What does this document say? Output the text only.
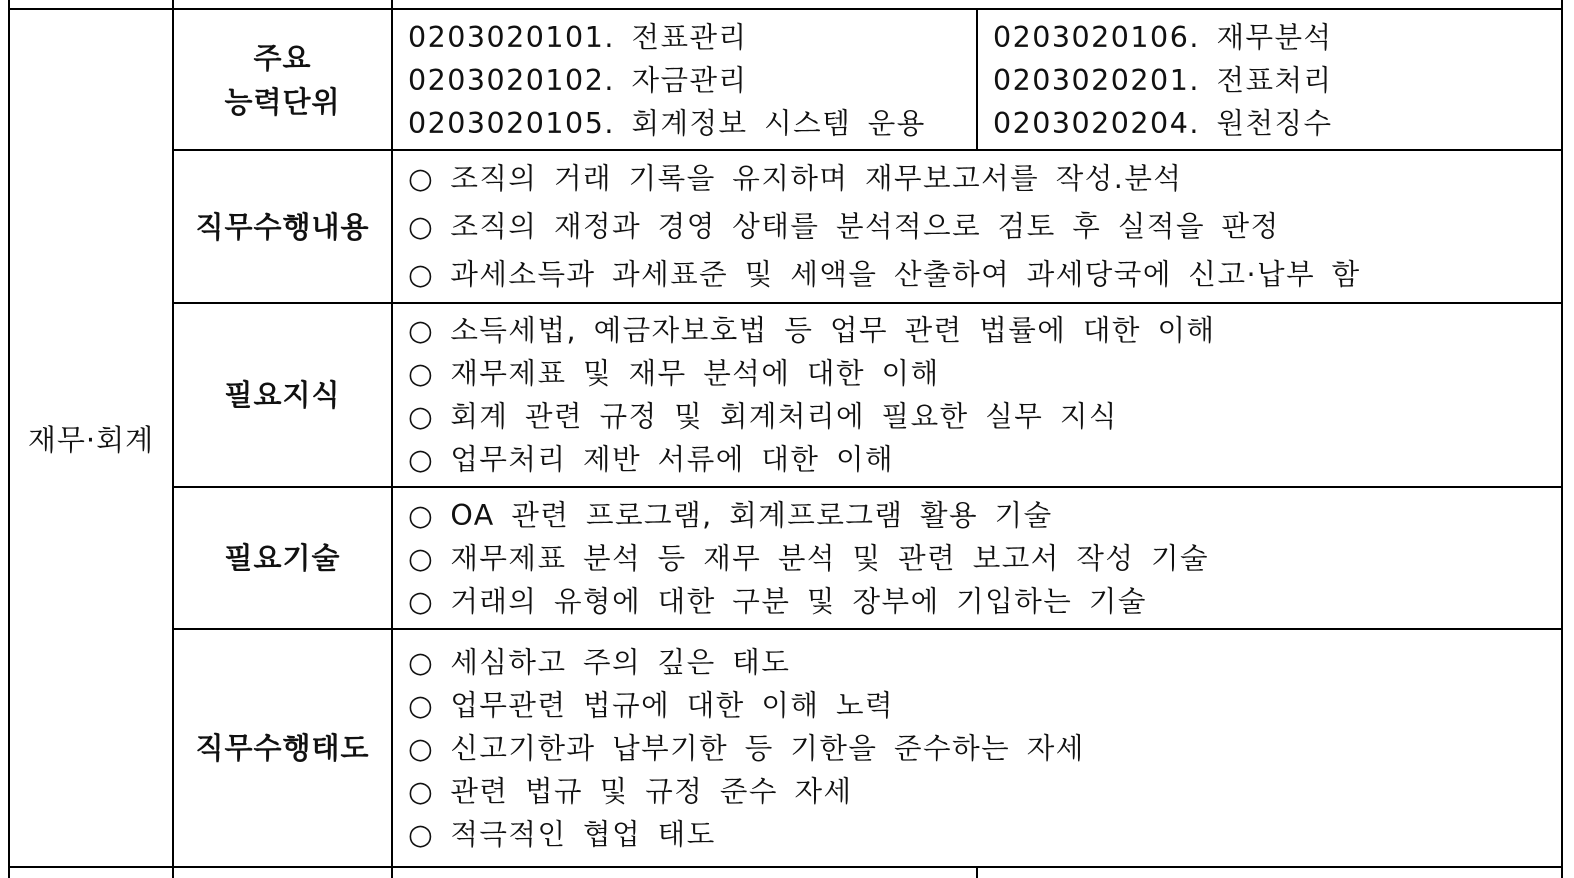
재무·회계
주요
능력단위
0203020101. 전표관리
0203020102. 자금관리
0203020105. 회계정보 시스템 운용
0203020106. 재무분석
0203020201. 전표처리
0203020204. 원천징수
직무수행내용
○ 조직의 거래 기록을 유지하며 재무보고서를 작성.분석
○ 조직의 재정과 경영 상태를 분석적으로 검토 후 실적을 판정
○ 과세소득과 과세표준 및 세액을 산출하여 과세당국에 신고·납부 함
필요지식
○ 소득세법, 예금자보호법 등 업무 관련 법률에 대한 이해
○ 재무제표 및 재무 분석에 대한 이해
○ 회계 관련 규정 및 회계처리에 필요한 실무 지식
○ 업무처리 제반 서류에 대한 이해
필요기술
○ OA 관련 프로그램, 회계프로그램 활용 기술
○ 재무제표 분석 등 재무 분석 및 관련 보고서 작성 기술
○ 거래의 유형에 대한 구분 및 장부에 기입하는 기술
직무수행태도
○ 세심하고 주의 깊은 태도
○ 업무관련 법규에 대한 이해 노력
○ 신고기한과 납부기한 등 기한을 준수하는 자세
○ 관련 법규 및 규정 준수 자세
○ 적극적인 협업 태도
